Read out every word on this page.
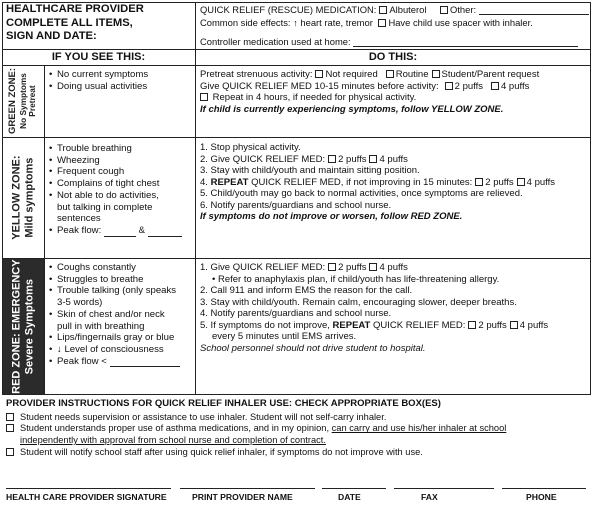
HEALTHCARE PROVIDER
COMPLETE ALL ITEMS,
SIGN AND DATE:
QUICK RELIEF (RESCUE) MEDICATION: Albuterol	Other:
Common side effects: ↑ heart rate, tremor Have child use spacer with inhaler.
Controller medication used at home:
IF YOU SEE THIS:	DO THIS:
GREEN ZONE: No Symptoms Pretreat
• No current symptoms
• Doing usual activities
Pretreat strenuous activity: Not required Routine Student/Parent request
Give QUICK RELIEF MED 10-15 minutes before activity: 2 puffs 4 puffs
Repeat in 4 hours, if needed for physical activity.
If child is currently experiencing symptoms, follow YELLOW ZONE.
YELLOW ZONE: Mild symptoms
• Trouble breathing
• Wheezing
• Frequent cough
• Complains of tight chest
• Not able to do activities,
but talking in complete
sentences
• Peak flow:	&
1. Stop physical activity.
2. Give QUICK RELIEF MED: 2 puffs 4 puffs
3. Stay with child/youth and maintain sitting position.
4. REPEAT QUICK RELIEF MED, if not improving in 15 minutes: 2 puffs 4 puffs
5. Child/youth may go back to normal activities, once symptoms are relieved.
6. Notify parents/guardians and school nurse.
If symptoms do not improve or worsen, follow RED ZONE.
RED ZONE: EMERGENCY Severe Symptoms
• Coughs constantly
• Struggles to breathe
• Trouble talking (only speaks
3-5 words)
• Skin of chest and/or neck
pull in with breathing
• Lips/fingernails gray or blue
• ↓ Level of consciousness
• Peak flow <
1. Give QUICK RELIEF MED: 2 puffs 4 puffs
• Refer to anaphylaxis plan, if child/youth has life-threatening allergy.
2. Call 911 and inform EMS the reason for the call.
3. Stay with child/youth. Remain calm, encouraging slower, deeper breaths.
4. Notify parents/guardians and school nurse.
5. If symptoms do not improve, REPEAT QUICK RELIEF MED: 2 puffs 4 puffs
every 5 minutes until EMS arrives.
School personnel should not drive student to hospital.
PROVIDER INSTRUCTIONS FOR QUICK RELIEF INHALER USE: CHECK APPROPRIATE BOX(ES)
Student needs supervision or assistance to use inhaler. Student will not self-carry inhaler.
Student understands proper use of asthma medications, and in my opinion, can carry and use his/her inhaler at school
independently with approval from school nurse and completion of contract.
Student will notify school staff after using quick relief inhaler, if symptoms do not improve with use.
HEALTH CARE PROVIDER SIGNATURE	PRINT PROVIDER NAME	DATE	FAX	PHONE
